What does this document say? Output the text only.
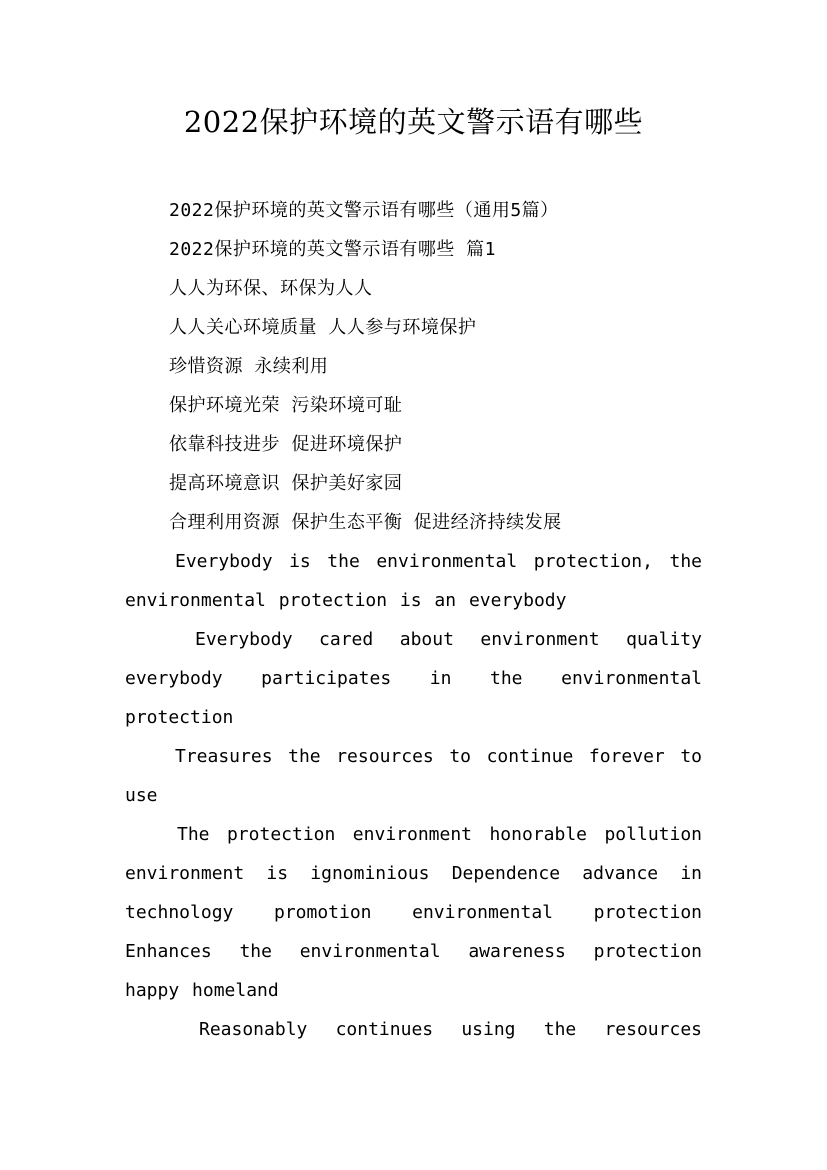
2022保护环境的英文警示语有哪些

2022保护环境的英文警示语有哪些（通用5篇）

2022保护环境的英文警示语有哪些 篇1

人人为环保、环保为人人

人人关心环境质量 人人参与环境保护

珍惜资源 永续利用

保护环境光荣 污染环境可耻

依靠科技进步 促进环境保护

提高环境意识 保护美好家园

合理利用资源 保护生态平衡 促进经济持续发展

Everybody is the environmental protection, the environmental protection is an everybody

Everybody cared about environment quality everybody participates in the environmental protection

Treasures the resources to continue forever to use

The protection environment honorable pollution environment is ignominious Dependence advance in technology promotion environmental protection Enhances the environmental awareness protection happy homeland

Reasonably continues using the resources
